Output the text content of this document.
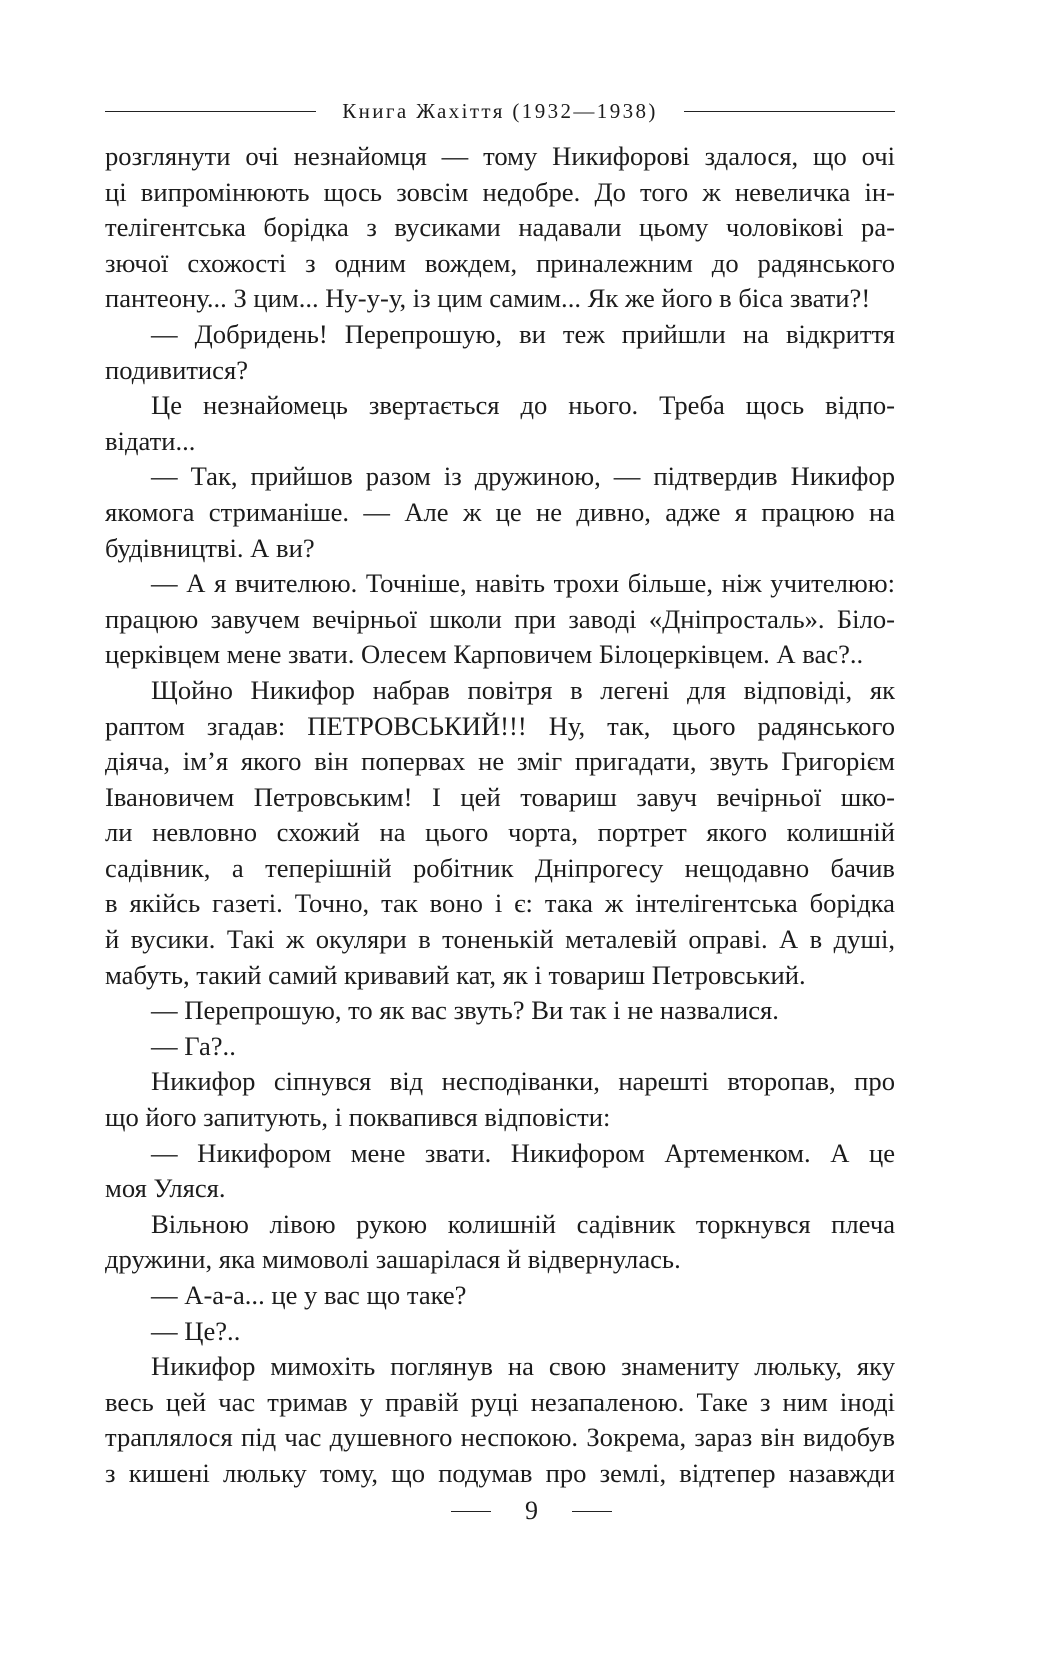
Книга Жахіття (1932—1938)
розглянути очі незнайомця — тому Никифорові здалося, що очі
ці випромінюють щось зовсім недобре. До того ж невеличка ін-
телігентська борідка з вусиками надавали цьому чоловікові ра-
зючої схожості з одним вождем, приналежним до радянського
пантеону... З цим... Ну-у-у, із цим самим... Як же його в біса звати?!
— Добридень! Перепрошую, ви теж прийшли на відкриття
подивитися?
Це незнайомець звертається до нього. Треба щось відпо-
відати...
— Так, прийшов разом із дружиною, — підтвердив Никифор
якомога стриманіше. — Але ж це не дивно, адже я працюю на
будівництві. А ви?
— А я вчителюю. Точніше, навіть трохи більше, ніж учителюю:
працюю завучем вечірньої школи при заводі «Дніпросталь». Біло-
церківцем мене звати. Олесем Карповичем Білоцерківцем. А вас?..
Щойно Никифор набрав повітря в легені для відповіді, як
раптом згадав: ПЕТРОВСЬКИЙ!!! Ну, так, цього радянського
діяча, ім’я якого він попервах не зміг пригадати, звуть Григорієм
Івановичем Петровським! І цей товариш завуч вечірньої шко-
ли невловно схожий на цього чорта, портрет якого колишній
садівник, а теперішній робітник Дніпрогесу нещодавно бачив
в якійсь газеті. Точно, так воно і є: така ж інтелігентська борідка
й вусики. Такі ж окуляри в тоненькій металевій оправі. А в душі,
мабуть, такий самий кривавий кат, як і товариш Петровський.
— Перепрошую, то як вас звуть? Ви так і не назвалися.
— Га?..
Никифор сіпнувся від несподіванки, нарешті второпав, про
що його запитують, і поквапився відповісти:
— Никифором мене звати. Никифором Артеменком. А це
моя Уляся.
Вільною лівою рукою колишній садівник торкнувся плеча
дружини, яка мимоволі зашарілася й відвернулась.
— А-а-а... це у вас що таке?
— Це?..
Никифор мимохіть поглянув на свою знамениту люльку, яку
весь цей час тримав у правій руці незапаленою. Таке з ним іноді
траплялося під час душевного неспокою. Зокрема, зараз він видобув
з кишені люльку тому, що подумав про землі, відтепер назавжди
9
